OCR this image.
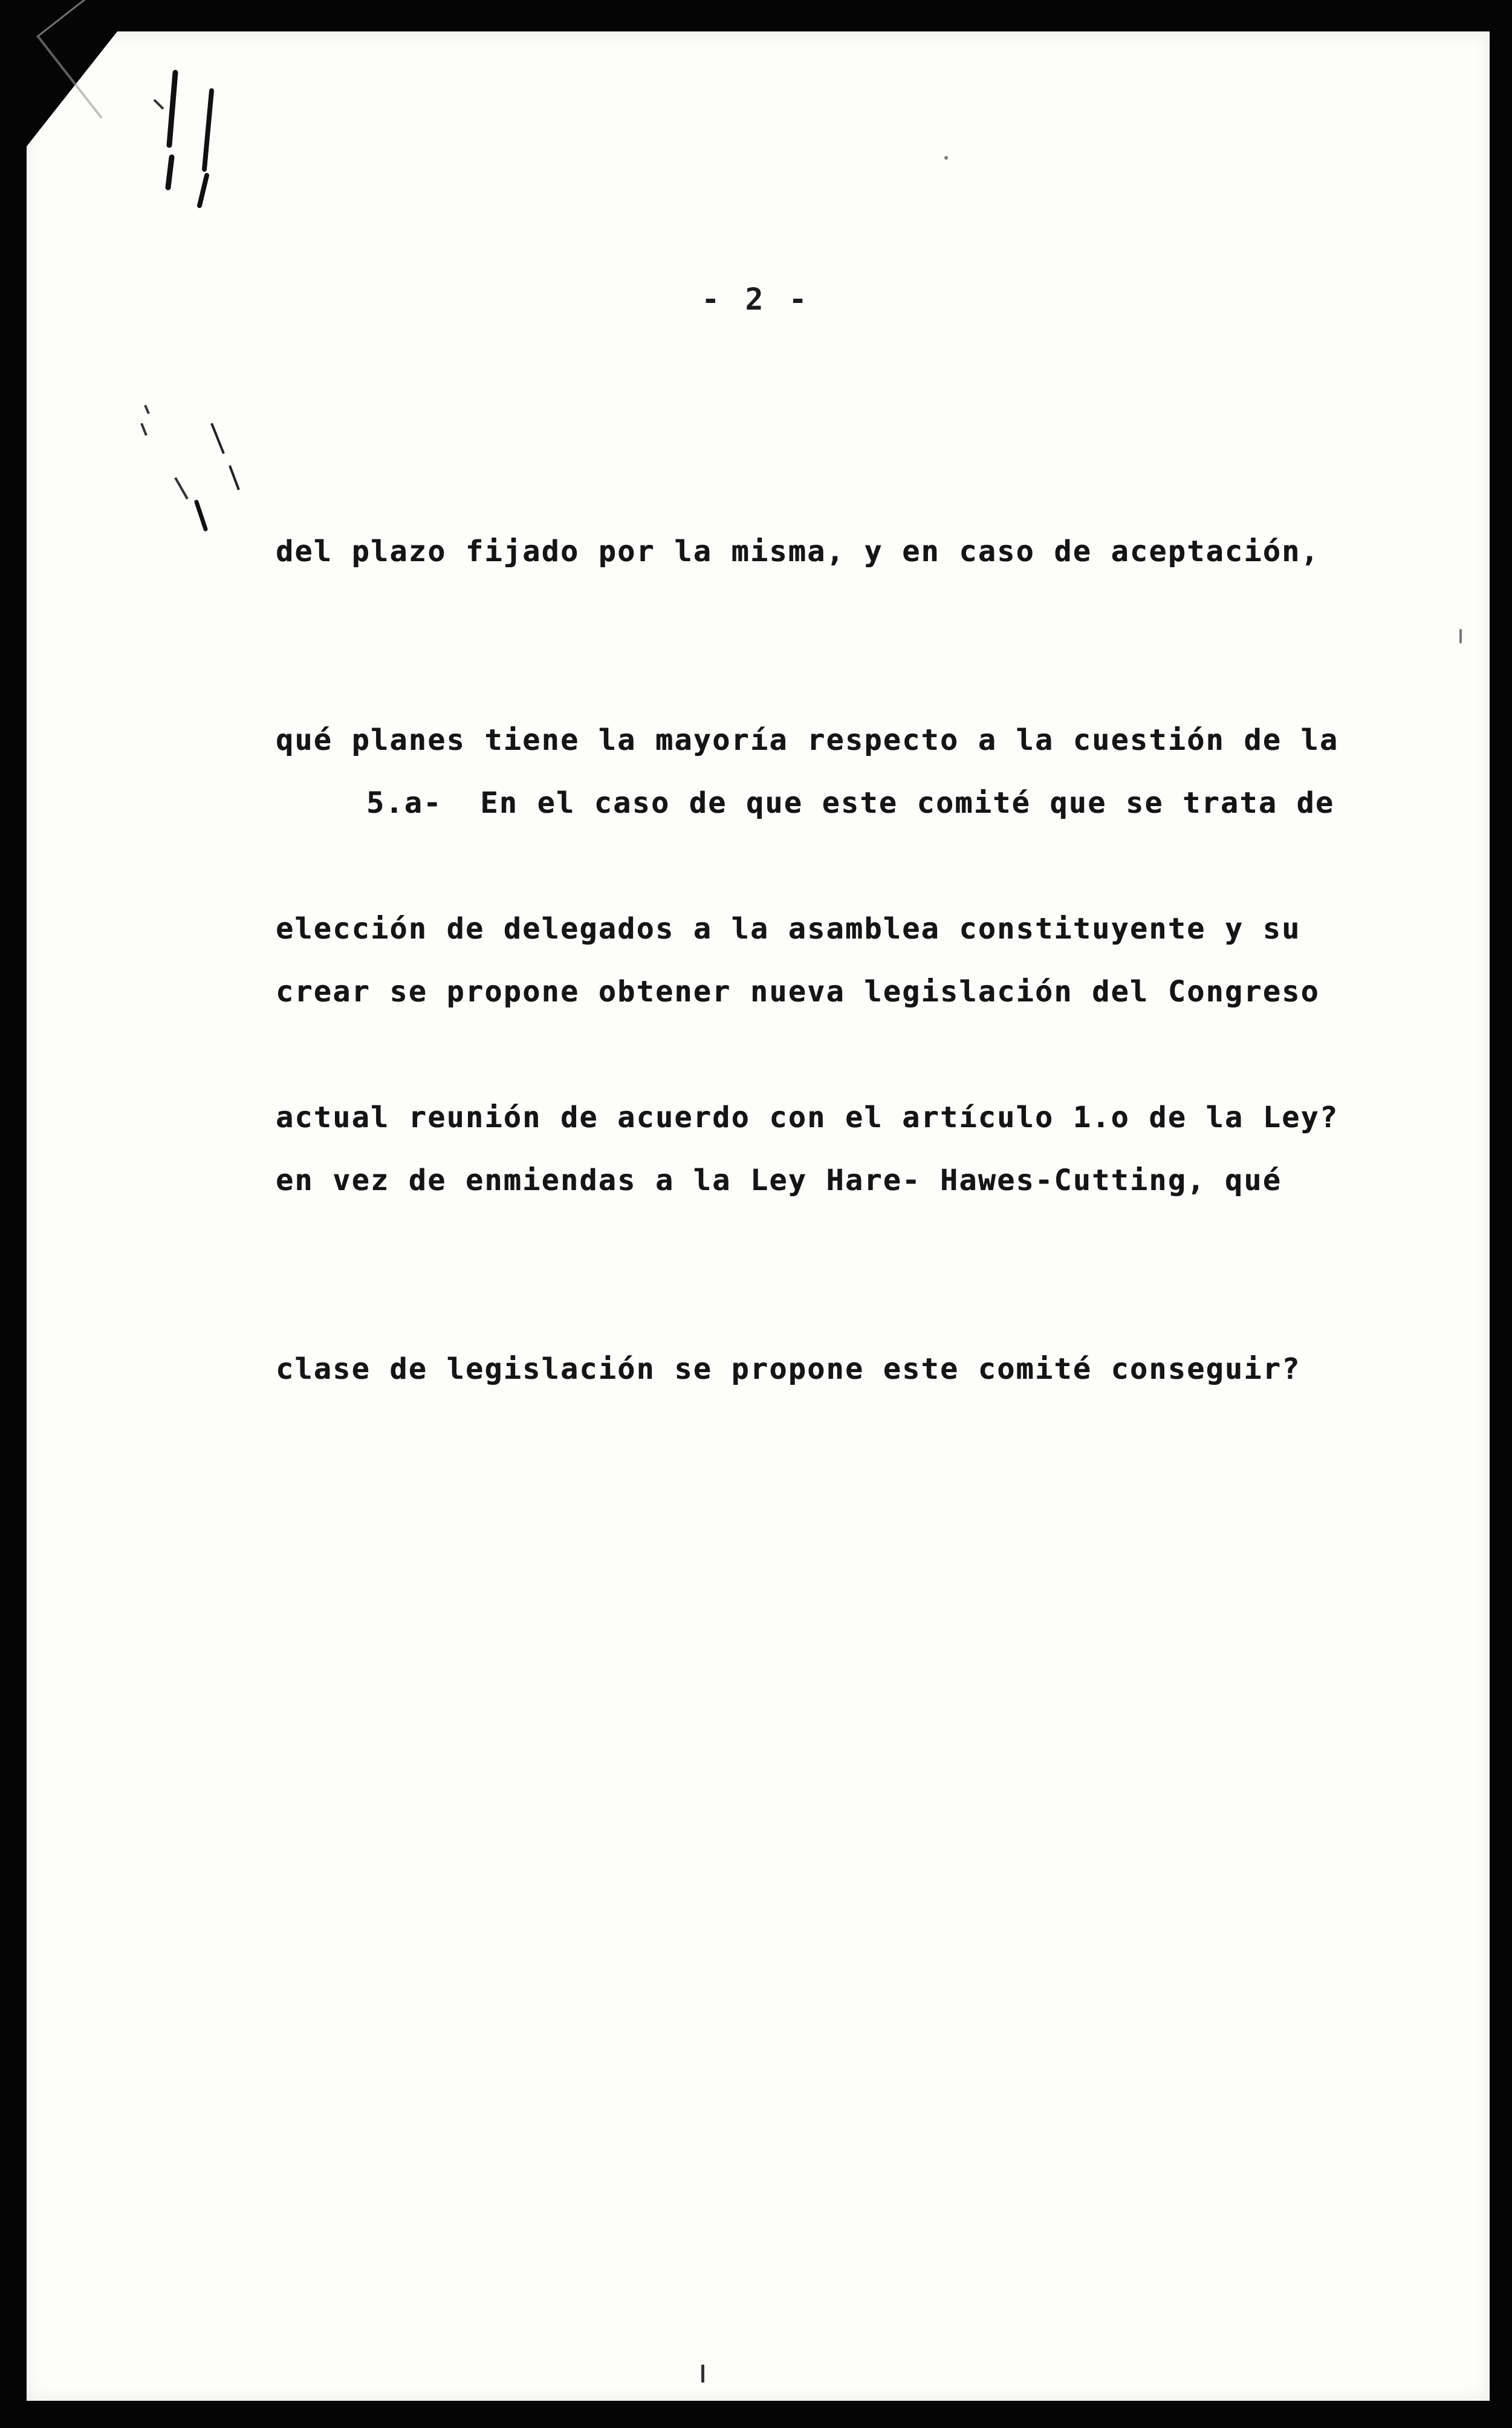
- 2 -

del plazo fijado por la misma, y en caso de aceptación,

qué planes tiene la mayoría respecto a la cuestión de la

elección de delegados a la asamblea constituyente y su

actual reunión de acuerdo con el artículo 1.o de la Ley?

5.a-  En el caso de que este comité que se trata de

crear se propone obtener nueva legislación del Congreso

en vez de enmiendas a la Ley Hare- Hawes-Cutting, qué

clase de legislación se propone este comité conseguir?
